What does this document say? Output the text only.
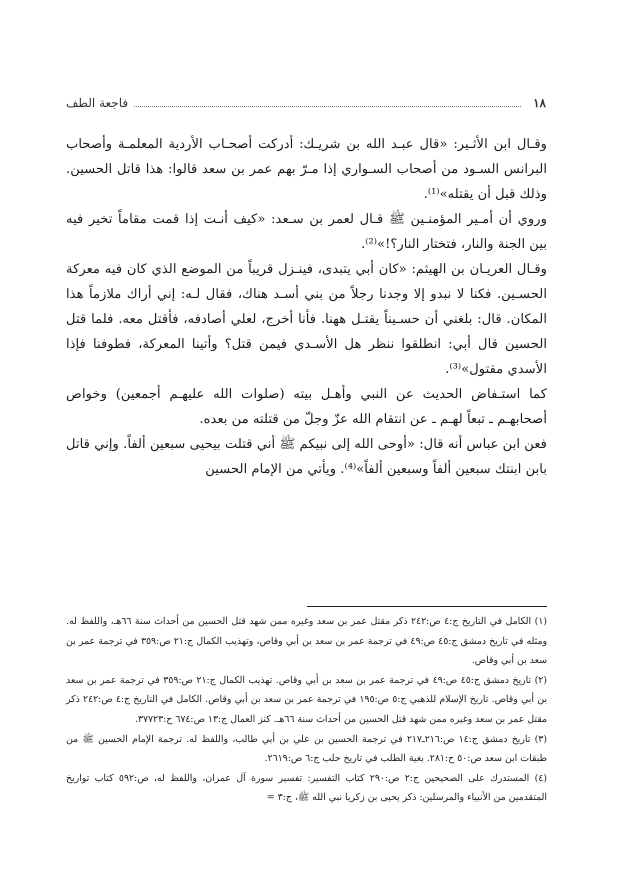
١٨
فاجعة الطف

وقـال ابن الأثـير: «قال عبـد الله بن شريـك: أدركت أصحـاب الأردية المعلمـة وأصحاب البرانس السـود من أصحاب السـواري إذا مـرّ بهم عمر بن سعد قالوا: هذا قاتل الحسين. وذلك قبل أن يقتله»⁽¹⁾.

وروي أن أمـير المؤمنـين ﷺ قـال لعمر بن سـعد: «كيف أنـت إذا قمت مقاماً تخير فيه بين الجنة والنار، فتختار النار؟!»⁽²⁾.

وقـال العريـان بن الهيثم: «كان أبي يتبدى، فينـزل قريباً من الموضع الذي كان فيه معركة الحسـين. فكنا لا نبدو إلا وجدنا رجلاً من بني أسـد هناك، فقال لـه: إني أراك ملازماً هذا المكان. قال: بلغني أن حسـيناً يقتـل ههنا. فأنا أخرج، لعلي أصادفه، فأقتل معه. فلما قتل الحسين قال أبي: انطلقوا ننظر هل الأسـدي فيمن قتل؟ وأتينا المعركة، فطوفنا فإذا الأسدي مقتول»⁽³⁾.

كما استـفاض الحديث عن النبي وأهـل بيته (صلوات الله عليهـم أجمعين) وخواص أصحابهـم ـ تبعاً لهـم ـ عن انتقام الله عزّ وجلّ من قتلته من بعده.

فعن ابن عباس أنه قال: «أوحى الله إلى نبيكم ﷺ أني قتلت بيحيى سبعين ألفاً. وإني قاتل بابن ابنتك سبعين ألفاً وسبعين ألفاً»⁽⁴⁾. ويأتي من الإمام الحسين

(١) الكامل في التاريخ ج:٤ ص:٢٤٢ ذكر مقتل عمر بن سعد وغيره ممن شهد قتل الحسين من أحداث سنة ٦٦هـ، واللفظ له. ومثله في تاريخ دمشق ج:٤٥ ص:٤٩ في ترجمة عمر بن سعد بن أبي وقاص، وتهذيب الكمال ج:٢١ ص:٣٥٩ في ترجمة عمر بن سعد بن أبي وقاص.

(٢) تاريخ دمشق ج:٤٥ ص:٤٩ في ترجمة عمر بن سعد بن أبي وقاص. تهذيب الكمال ج:٢١ ص:٣٥٩ في ترجمة عمر بن سعد بن أبي وقاص. تاريخ الإسلام للذهبي ج:٥ ص:١٩٥ في ترجمة عمر بن سعد بن أبي وقاص. الكامل في التاريخ ج:٤ ص:٢٤٢ ذكر مقتل عمر بن سعد وغيره ممن شهد قتل الحسين من أحداث سنة ٦٦هـ. كنز العمال ج:١٣ ص:٦٧٤ ح:٣٧٧٢٣.

(٣) تاريخ دمشق ج:١٤ ص:٢١٦ـ٢١٧ في ترجمة الحسين بن علي بن أبي طالب، واللفظ له. ترجمة الإمام الحسين ﷺ من طبقات ابن سعد ص:٥٠ ح:٢٨١. بغية الطلب في تاريخ حلب ج:٦ ص:٢٦١٩.

(٤) المستدرك على الصحيحين ج:٢ ص:٢٩٠ كتاب التفسير: تفسير سورة آل عمران، واللفظ له، ص:٥٩٢ كتاب تواريخ المتقدمين من الأنبياء والمرسلين: ذكر يحيى بن زكريا نبي الله ﷺ، ج:٣ =
